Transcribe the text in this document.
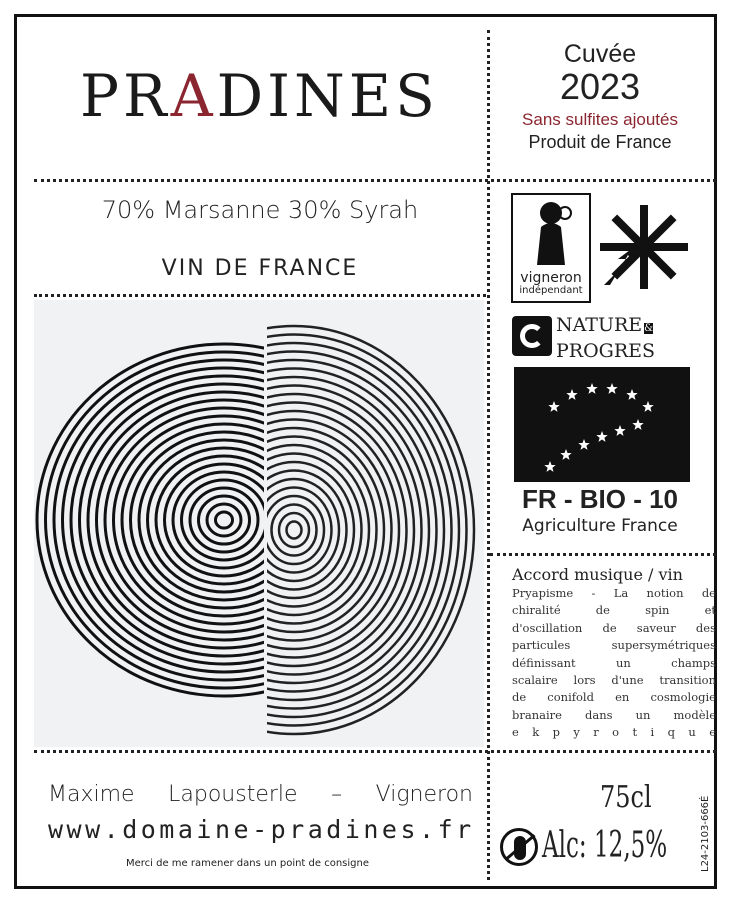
PRADINES
Cuvée
2023
Sans sulfites ajoutés
Produit de France
70% Marsanne 30% Syrah
VIN DE FRANCE	vigneron
indépendant
NATURE &
PROGRES
FR - BIO - 10
Agriculture France
Accord musique / vin
Pryapisme - La notion de
chiralité de spin et
d'oscillation de saveur des
particules supersymétriques
définissant un champs
scalaire lors d'une transition
de conifold en cosmologie
branaire dans un modèle
e k p y r o t i q u e
Maxime Lapousterle – Vigneron
www.domaine-pradines.fr
Merci de me ramener dans un point de consigne
75cl
Alc: 12,5%	L24-2103-666É
